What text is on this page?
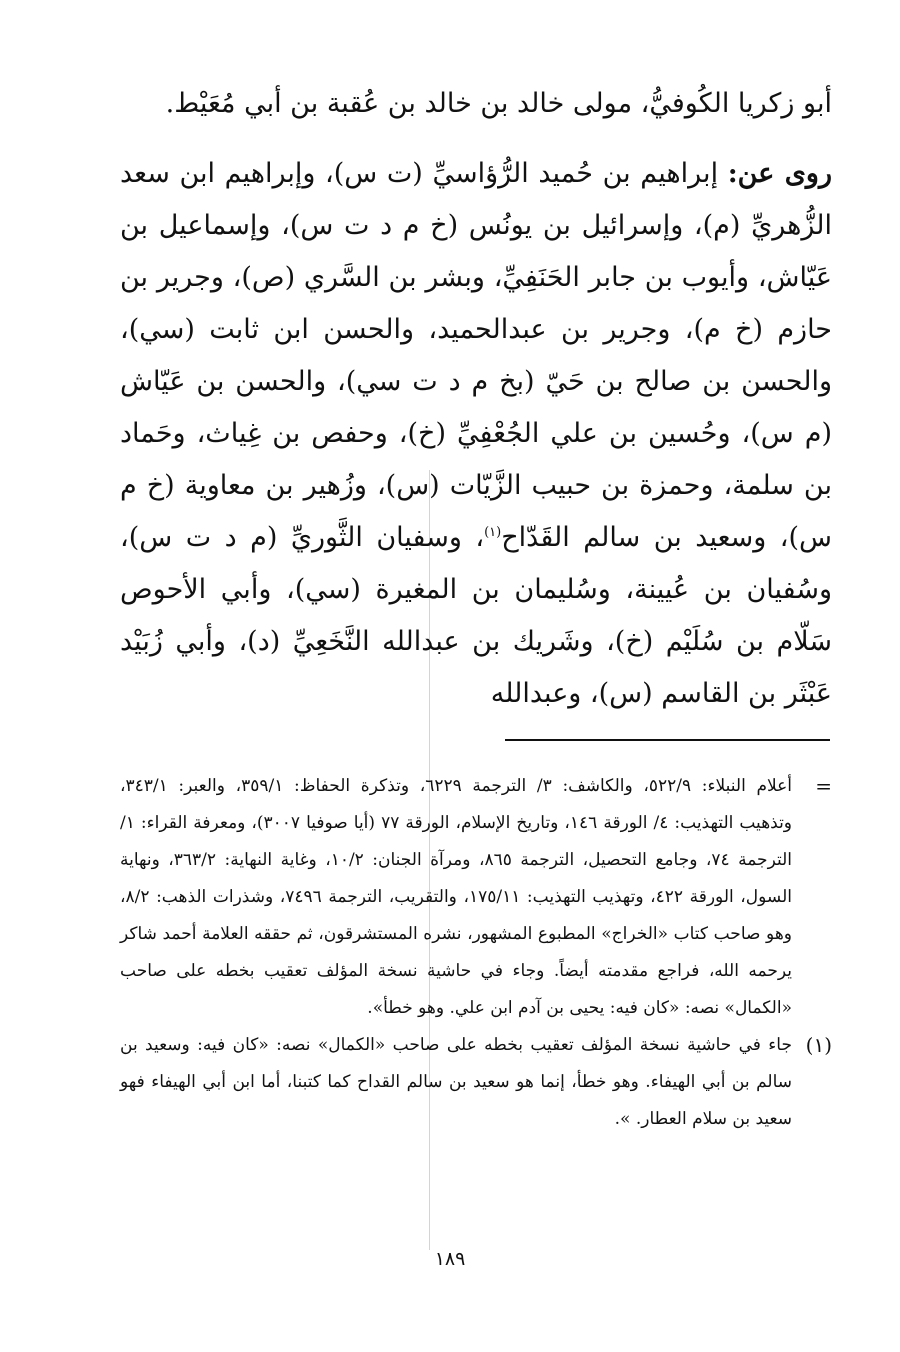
أبو زكريا الكُوفيُّ، مولى خالد بن خالد بن عُقبة بن أبي مُعَيْط.

روى عن: إبراهيم بن حُميد الرُّؤاسيِّ (ت س)، وإبراهيم ابن سعد الزُّهريِّ (م)، وإسرائيل بن يونُس (خ م د ت س)، وإسماعيل بن عَيّاش، وأيوب بن جابر الحَنَفِيِّ، وبشر بن السَّري (ص)، وجرير بن حازم (خ م)، وجرير بن عبدالحميد، والحسن ابن ثابت (سي)، والحسن بن صالح بن حَيّ (بخ م د ت سي)، والحسن بن عَيّاش (م س)، وحُسين بن علي الجُعْفِيِّ (خ)، وحفص بن غِياث، وحَماد بن سلمة، وحمزة بن حبيب الزَّيّات (س)، وزُهير بن معاوية (خ م س)، وسعيد بن سالم القَدّاح$^{(١)}$، وسفيان الثَّوريِّ (م د ت س)، وسُفيان بن عُيينة، وسُليمان بن المغيرة (سي)، وأبي الأحوص سَلّام بن سُلَيْم (خ)، وشَريك بن عبدالله النَّخَعِيِّ (د)، وأبي زُبَيْد عَبْثَر بن القاسم (س)، وعبدالله

=
أعلام النبلاء: ٥٢٢/٩، والكاشف: ٣/ الترجمة ٦٢٢٩، وتذكرة الحفاظ: ٣٥٩/١، والعبر: ٣٤٣/١، وتذهيب التهذيب: ٤/ الورقة ١٤٦، وتاريخ الإسلام، الورقة ٧٧ (أيا صوفيا ٣٠٠٧)، ومعرفة القراء: ١/ الترجمة ٧٤، وجامع التحصيل، الترجمة ٨٦٥، ومرآة الجنان: ١٠/٢، وغاية النهاية: ٣٦٣/٢، ونهاية السول، الورقة ٤٢٢، وتهذيب التهذيب: ١٧٥/١١، والتقريب، الترجمة ٧٤٩٦، وشذرات الذهب: ٨/٢، وهو صاحب كتاب «الخراج» المطبوع المشهور، نشره المستشرقون، ثم حققه العلامة أحمد شاكر يرحمه الله، فراجع مقدمته أيضاً. وجاء في حاشية نسخة المؤلف تعقيب بخطه على صاحب «الكمال» نصه: «كان فيه: يحيى بن آدم ابن علي. وهو خطأ».
(١)
جاء في حاشية نسخة المؤلف تعقيب بخطه على صاحب «الكمال» نصه: «كان فيه: وسعيد بن سالم بن أبي الهيفاء. وهو خطأ، إنما هو سعيد بن سالم القداح كما كتبنا، أما ابن أبي الهيفاء فهو سعيد بن سلام العطار. ».
١٨٩
